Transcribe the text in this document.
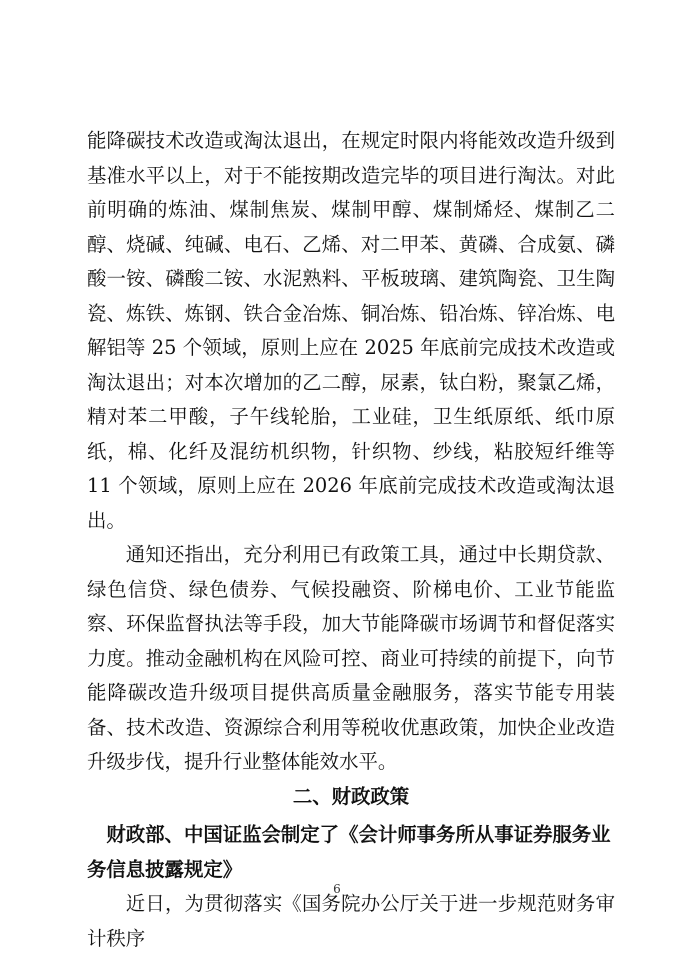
能降碳技术改造或淘汰退出，在规定时限内将能效改造升级到基准水平以上，对于不能按期改造完毕的项目进行淘汰。对此前明确的炼油、煤制焦炭、煤制甲醇、煤制烯烃、煤制乙二醇、烧碱、纯碱、电石、乙烯、对二甲苯、黄磷、合成氨、磷酸一铵、磷酸二铵、水泥熟料、平板玻璃、建筑陶瓷、卫生陶瓷、炼铁、炼钢、铁合金冶炼、铜冶炼、铅冶炼、锌冶炼、电解铝等 25 个领域，原则上应在 2025 年底前完成技术改造或淘汰退出；对本次增加的乙二醇，尿素，钛白粉，聚氯乙烯，精对苯二甲酸，子午线轮胎，工业硅，卫生纸原纸、纸巾原纸，棉、化纤及混纺机织物，针织物、纱线，粘胶短纤维等 11 个领域，原则上应在 2026 年底前完成技术改造或淘汰退出。

通知还指出，充分利用已有政策工具，通过中长期贷款、绿色信贷、绿色债券、气候投融资、阶梯电价、工业节能监察、环保监督执法等手段，加大节能降碳市场调节和督促落实力度。推动金融机构在风险可控、商业可持续的前提下，向节能降碳改造升级项目提供高质量金融服务，落实节能专用装备、技术改造、资源综合利用等税收优惠政策，加快企业改造升级步伐，提升行业整体能效水平。

二、财政政策

财政部、中国证监会制定了《会计师事务所从事证券服务业务信息披露规定》

近日，为贯彻落实《国务院办公厅关于进一步规范财务审计秩序

6
